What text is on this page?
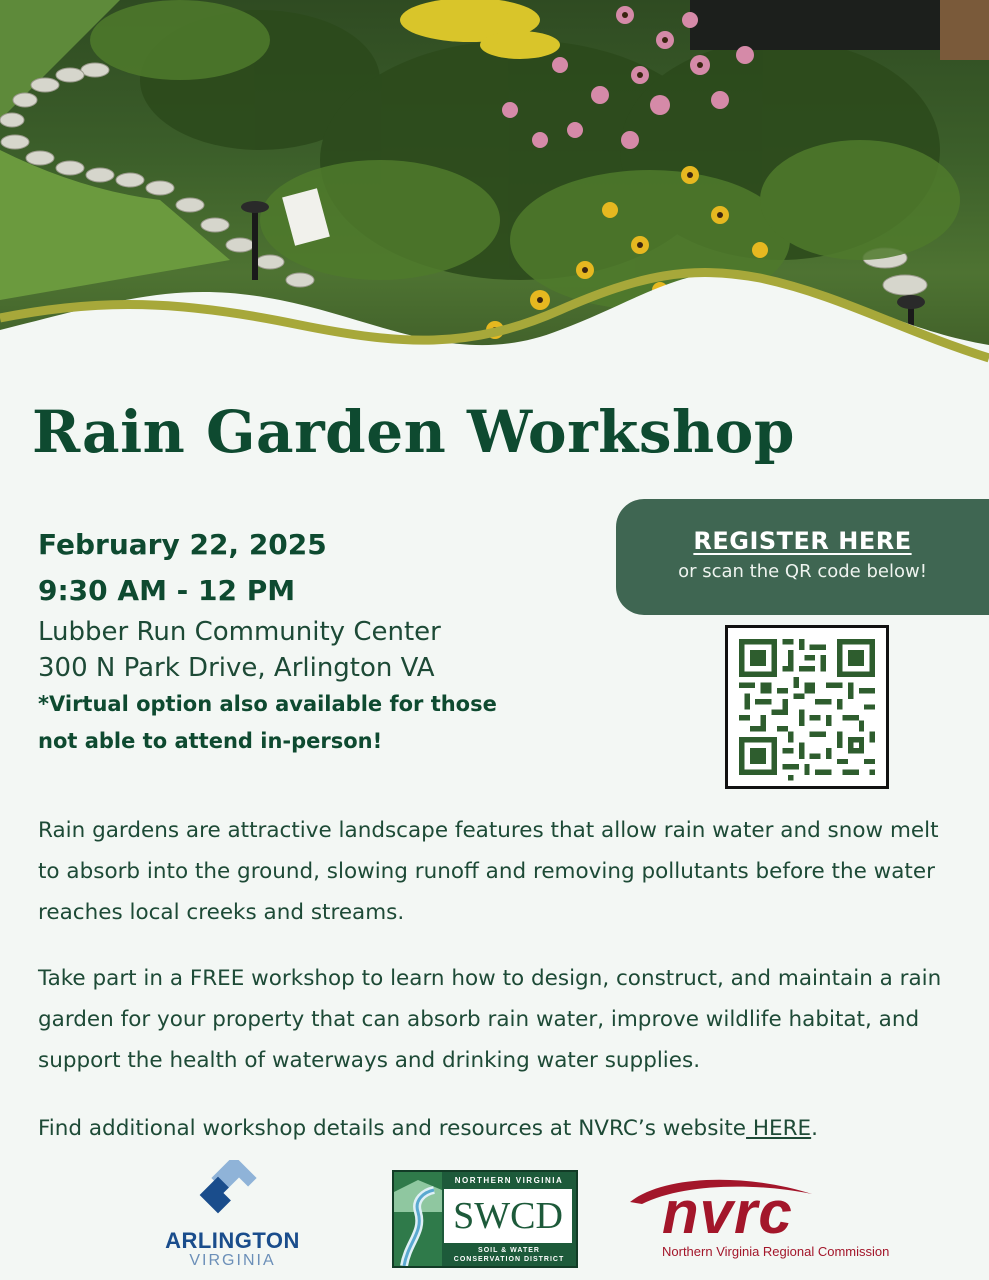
Rain Garden Workshop
February 22, 2025
9:30 AM - 12 PM
Lubber Run Community Center
300 N Park Drive, Arlington VA
*Virtual option also available for those not able to attend in-person!
REGISTER HERE
or scan the QR code below!

Rain gardens are attractive landscape features that allow rain water and snow melt to absorb into the ground, slowing runoff and removing pollutants before the water reaches local creeks and streams.

Take part in a FREE workshop to learn how to design, construct, and maintain a rain garden for your property that can absorb rain water, improve wildlife habitat, and support the health of waterways and drinking water supplies.

Find additional workshop details and resources at NVRC’s website HERE.

ARLINGTON
VIRGINIA
NORTHERN VIRGINIA
SWCD
SOIL & WATER CONSERVATION DISTRICT
nvrc
Northern Virginia Regional Commission
